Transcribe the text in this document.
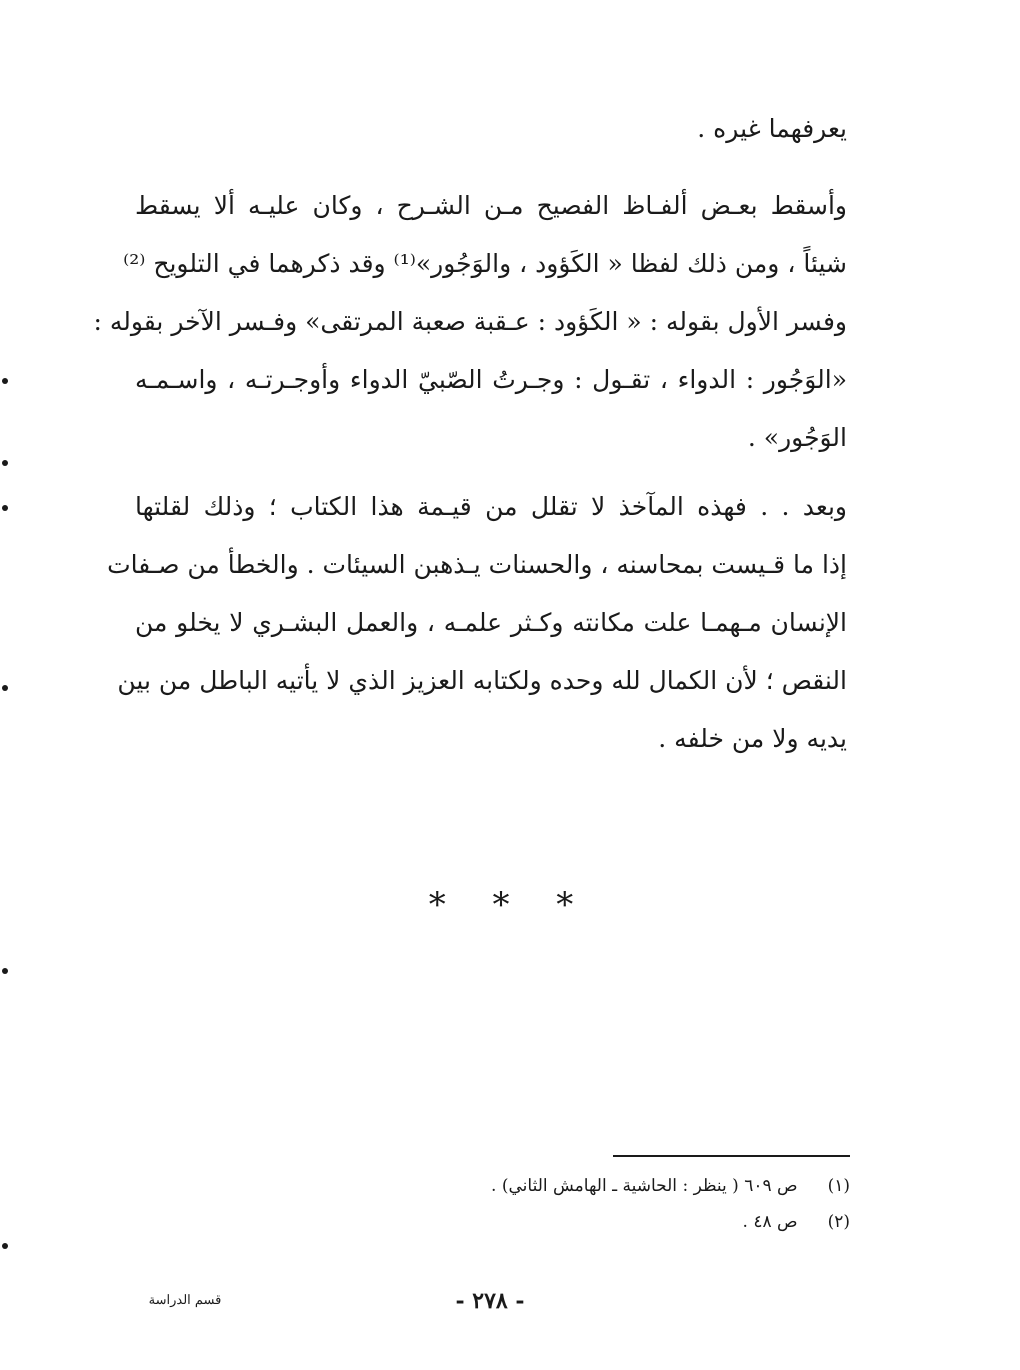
يعرفهما غيره .
وأسقط بعـض ألفـاظ الفصيح مـن الشـرح ، وكان عليـه ألا يسقط
شيئاً ، ومن ذلك لفظا « الكَؤود ، والوَجُور»⁽¹⁾ وقد ذكرهما في التلويح ⁽²⁾
وفسر الأول بقوله : « الكَؤود : عـقبة صعبة المرتقى» وفـسر الآخر بقوله :
«الوَجُور : الدواء ، تقـول : وجـرتُ الصّبيّ الدواء وأوجـرتـه ، واسـمـه
الوَجُور» .
وبعد . . فهذه المآخذ لا تقلل من قيـمة هذا الكتاب ؛ وذلك لقلتها
إذا ما قـيست بمحاسنه ، والحسنات يـذهبن السيئات . والخطأ من صـفات
الإنسان مـهمـا علت مكانته وكـثر علمـه ، والعمل البشـري لا يخلو من
النقص ؛ لأن الكمال لله وحده ولكتابه العزيز الذي لا يأتيه الباطل من بين
يديه ولا من خلفه .
* * *
(١)ص ٦٠٩ ( ينظر : الحاشية ـ الهامش الثاني) .
(٢)ص ٤٨ .
- ٢٧٨ -
قسم الدراسة
